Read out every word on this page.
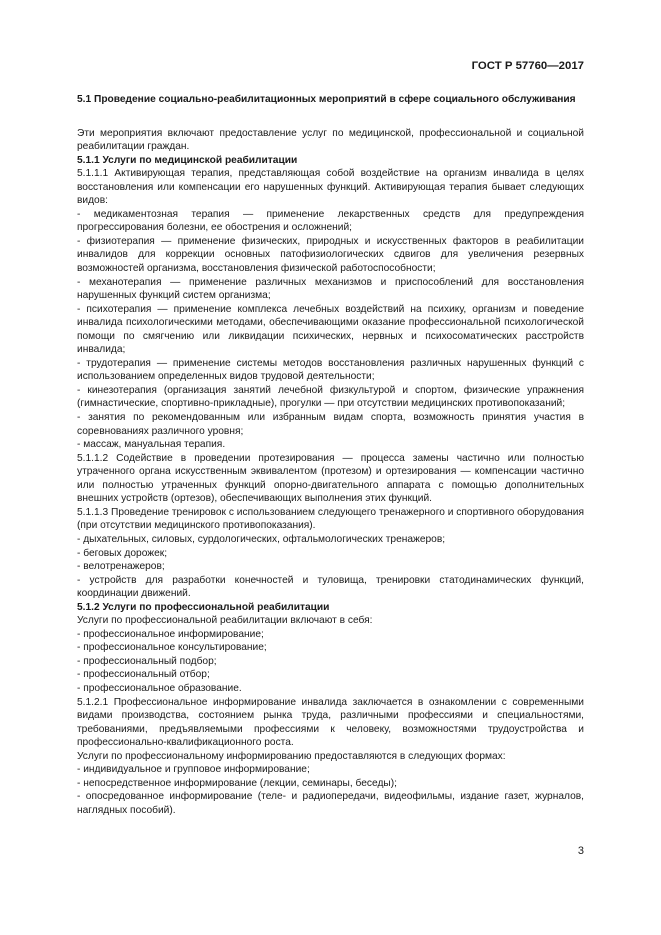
ГОСТ Р 57760—2017

5.1 Проведение социально-реабилитационных мероприятий в сфере социального обслуживания

Эти мероприятия включают предоставление услуг по медицинской, профессиональной и социальной реабилитации граждан.

5.1.1 Услуги по медицинской реабилитации

5.1.1.1 Активирующая терапия, представляющая собой воздействие на организм инвалида в целях восстановления или компенсации его нарушенных функций. Активирующая терапия бывает следующих видов:

- медикаментозная терапия — применение лекарственных средств для предупреждения прогрессирования болезни, ее обострения и осложнений;

- физиотерапия — применение физических, природных и искусственных факторов в реабилитации инвалидов для коррекции основных патофизиологических сдвигов для увеличения резервных возможностей организма, восстановления физической работоспособности;

- механотерапия — применение различных механизмов и приспособлений для восстановления нарушенных функций систем организма;

- психотерапия — применение комплекса лечебных воздействий на психику, организм и поведение инвалида психологическими методами, обеспечивающими оказание профессиональной психологической помощи по смягчению или ликвидации психических, нервных и психосоматических расстройств инвалида;

- трудотерапия — применение системы методов восстановления различных нарушенных функций с использованием определенных видов трудовой деятельности;

- кинезотерапия (организация занятий лечебной физкультурой и спортом, физические упражнения (гимнастические, спортивно-прикладные), прогулки — при отсутствии медицинских противопоказаний;

- занятия по рекомендованным или избранным видам спорта, возможность принятия участия в соревнованиях различного уровня;

- массаж, мануальная терапия.

5.1.1.2 Содействие в проведении протезирования — процесса замены частично или полностью утраченного органа искусственным эквивалентом (протезом) и ортезирования — компенсации частично или полностью утраченных функций опорно-двигательного аппарата с помощью дополнительных внешних устройств (ортезов), обеспечивающих выполнения этих функций.

5.1.1.3 Проведение тренировок с использованием следующего тренажерного и спортивного оборудования (при отсутствии медицинского противопоказания).

- дыхательных, силовых, сурдологических, офтальмологических тренажеров;

- беговых дорожек;

- велотренажеров;

- устройств для разработки конечностей и туловища, тренировки статодинамических функций, координации движений.

5.1.2 Услуги по профессиональной реабилитации

Услуги по профессиональной реабилитации включают в себя:

- профессиональное информирование;

- профессиональное консультирование;

- профессиональный подбор;

- профессиональный отбор;

- профессиональное образование.

5.1.2.1 Профессиональное информирование инвалида заключается в ознакомлении с современными видами производства, состоянием рынка труда, различными профессиями и специальностями, требованиями, предъявляемыми профессиями к человеку, возможностями трудоустройства и профессионально-квалификационного роста.

Услуги по профессиональному информированию предоставляются в следующих формах:

- индивидуальное и групповое информирование;

- непосредственное информирование (лекции, семинары, беседы);

- опосредованное информирование (теле- и радиопередачи, видеофильмы, издание газет, журналов, наглядных пособий).

3
